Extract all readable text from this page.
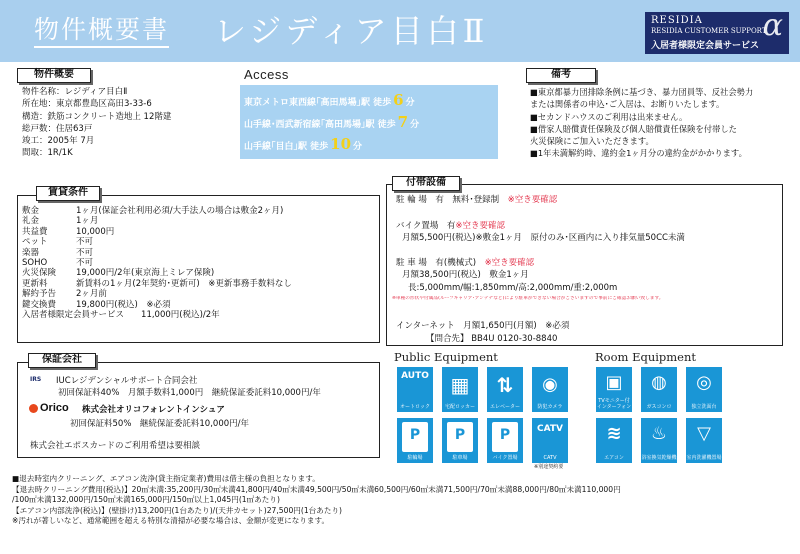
物件概要書 レジディア目白Ⅱ	RESIDIA
RESIDIA CUSTOMER SUPPORT
入居者様限定会員サービス
α
物件概要
物件名称：レジディア目白Ⅱ
所在地：東京都豊島区高田3-33-6
構造：鉄筋コンクリート造地上 12階建
総戸数：住居63戸
竣工：2005年 7月
間取：1R/1K
Access
東京メトロ東西線｢高田馬場｣駅 徒歩 6 分
山手線･西武新宿線｢高田馬場｣駅 徒歩 7 分
山手線｢目白｣駅 徒歩 10 分
備考
■東京都暴力団排除条例に基づき、暴力団員等、反社会勢力
または関係者の申込･ご入居は、お断りいたします。
■セカンドハウスのご利用は出来ません。
■借家人賠償責任保険及び個人賠償責任保険を付帯した
火災保険にご加入いただきます。
■1年未満解約時、違約金1ヶ月分の違約金がかかります。
賃貸条件
敷金	1ヶ月(保証会社利用必須/大手法人の場合は敷金2ヶ月)
礼金	1ヶ月
共益費	10,000円
ペット	不可
楽器	不可
SOHO	不可
火災保険 19,000円/2年(東京海上ミレア保険)
更新料	新賃料の1ヶ月(2年契約･更新可)　※更新事務手数料なし
解約予告 2ヶ月前
鍵交換費 19,800円(税込)　※必須
入居者様限定会員サービス　　 11,000円(税込)/2年
付帯設備
駐 輪 場　有　無料･登録制　 ※空き要確認
バイク置場　有※空き要確認
月額5,500円(税込)※敷金1ヶ月　原付のみ･区画内に入り排気量50CC未満
駐 車 場　有(機械式)　 ※空き要確認
月額38,500円(税込)　敷金1ヶ月
長:5,000mm/幅:1,850mm/高:2,000mm/重:2,000m
※車種の形状や付属品(ルーフキャリア･アンテナなど)により駐車ができない場合がございますので事前にご確認お願い致します。
インターネット　月額1,650円(月額)　※必須
【問合先】 BB4U 0120-30-8840
保証会社
IRS IUCレジデンシャルサポート合同会社
初回保証料40%　月額手数料1,000円　継続保証委託料10,000円/年
Orico 株式会社オリコフォレントインシュア
初回保証料50%　継続保証委託料10,000円/年
株式会社エポスカードのご利用希望は要相談
Public Equipment
AUTO
オートロック
▦
宅配ロッカー
⇅
エレベーター
◉
防犯カメラ
P
駐輪場
P
駐車場
P
バイク置場
CATV
CATV
※別途契約要
Room Equipment
▣
TVモニター付インターフォン
◍
ガスコンロ
◎
独立洗面台
≋
エアコン
♨
浴室換気乾燥機
▽
室内洗濯機置場
■退去時室内クリーニング、エアコン洗浄(貸主指定業者)費用は借主様の負担となります。
【退去時クリーニング費用(税込)】20㎡未満:35,200円/30㎡未満41,800円/40㎡未満49,500円/50㎡未満60,500円/60㎡未満71,500円/70㎡未満88,000円/80㎡未満110,000円
/100㎡未満132,000円/150㎡未満165,000円/150㎡以上1,045円(1㎡あたり)
【エアコン内部洗浄(税込)】(壁掛け)13,200円(1台あたり)/(天井カセット)27,500円(1台あたり)
※汚れが著しいなど、通常範囲を超える特別な清掃が必要な場合は、金額が変更になります。
